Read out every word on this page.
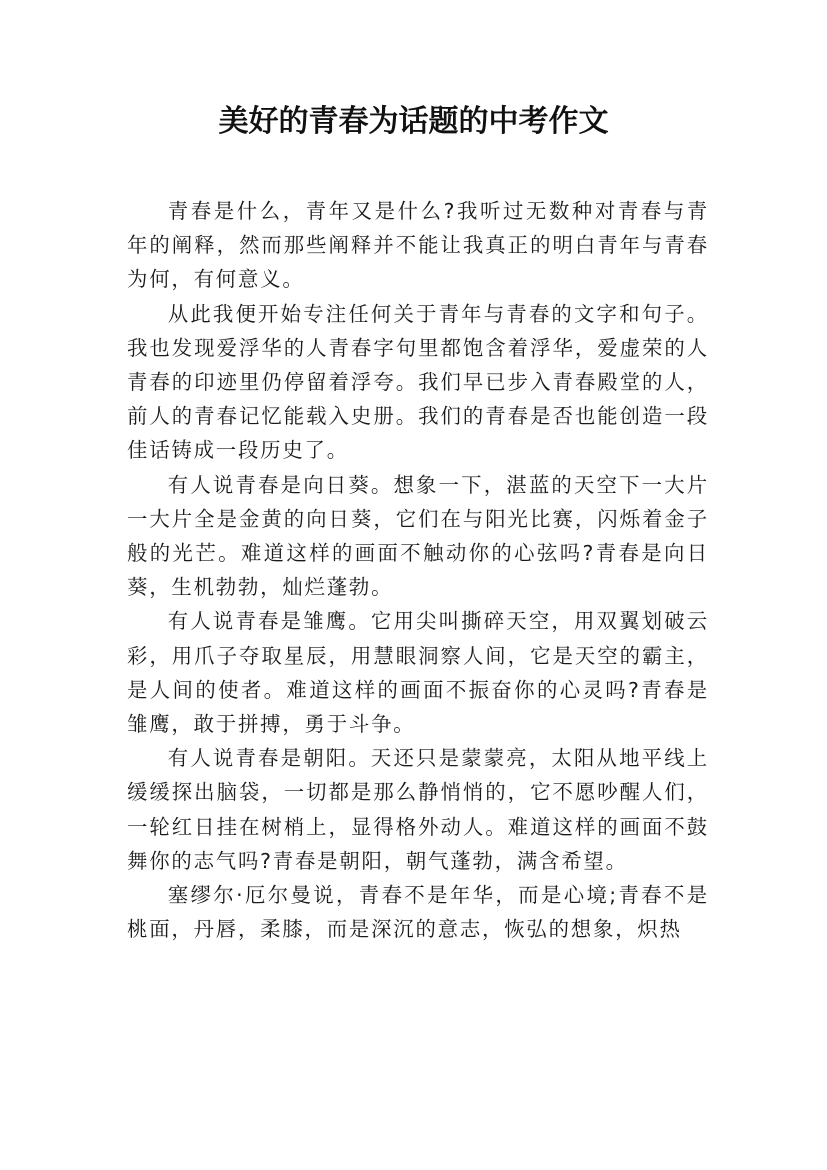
美好的青春为话题的中考作文

青春是什么，青年又是什么?我听过无数种对青春与青年的阐释，然而那些阐释并不能让我真正的明白青年与青春为何，有何意义。

从此我便开始专注任何关于青年与青春的文字和句子。我也发现爱浮华的人青春字句里都饱含着浮华，爱虚荣的人青春的印迹里仍停留着浮夸。我们早已步入青春殿堂的人，前人的青春记忆能载入史册。我们的青春是否也能创造一段佳话铸成一段历史了。

有人说青春是向日葵。想象一下，湛蓝的天空下一大片一大片全是金黄的向日葵，它们在与阳光比赛，闪烁着金子般的光芒。难道这样的画面不触动你的心弦吗?青春是向日葵，生机勃勃，灿烂蓬勃。

有人说青春是雏鹰。它用尖叫撕碎天空，用双翼划破云彩，用爪子夺取星辰，用慧眼洞察人间，它是天空的霸主，是人间的使者。难道这样的画面不振奋你的心灵吗?青春是雏鹰，敢于拼搏，勇于斗争。

有人说青春是朝阳。天还只是蒙蒙亮，太阳从地平线上缓缓探出脑袋，一切都是那么静悄悄的，它不愿吵醒人们，一轮红日挂在树梢上，显得格外动人。难道这样的画面不鼓舞你的志气吗?青春是朝阳，朝气蓬勃，满含希望。

塞缪尔·厄尔曼说，青春不是年华，而是心境;青春不是桃面，丹唇，柔膝，而是深沉的意志，恢弘的想象，炽热
